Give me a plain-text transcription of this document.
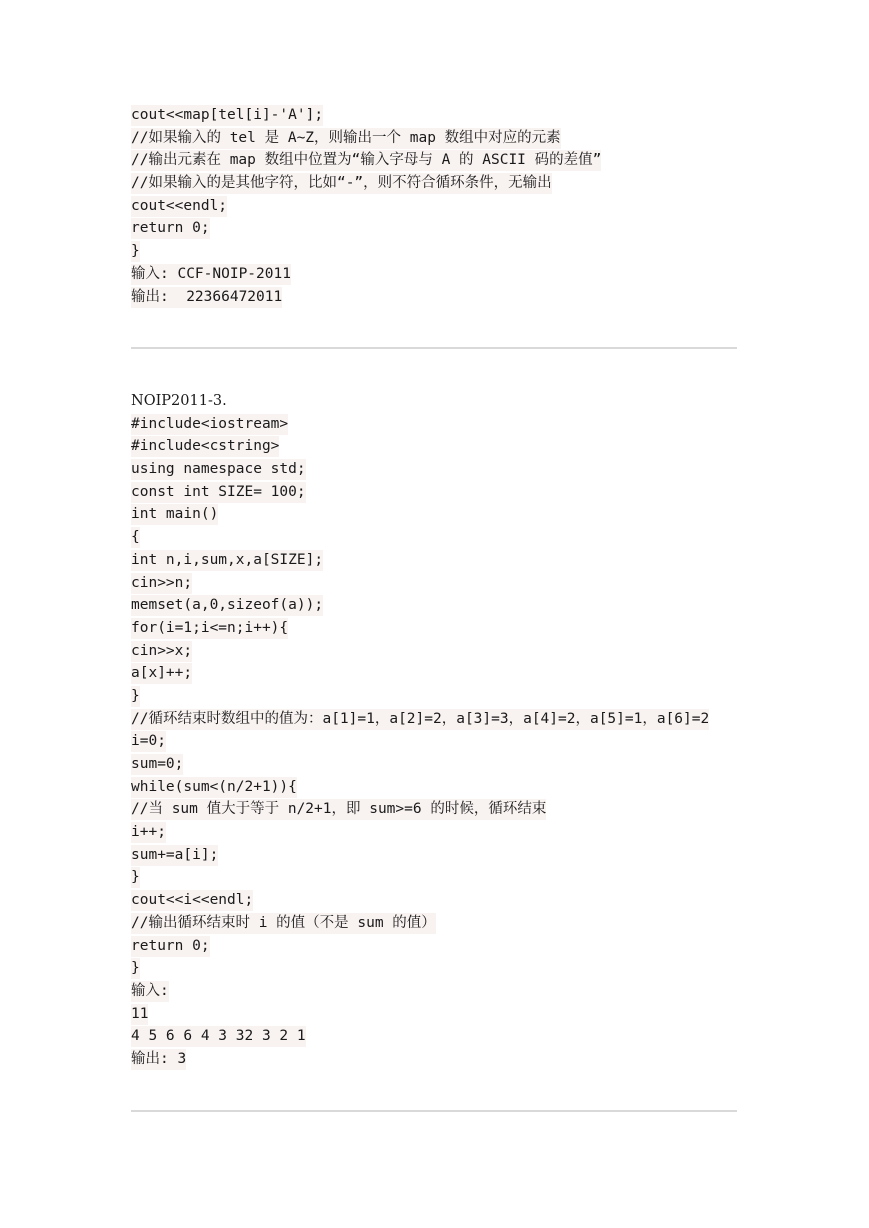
cout<<map[tel[i]-'A'];
//如果输入的 tel 是 A~Z，则输出一个 map 数组中对应的元素
//输出元素在 map 数组中位置为“输入字母与 A 的 ASCII 码的差值”
//如果输入的是其他字符，比如“-”，则不符合循环条件，无输出
cout<<endl;
return 0;
}
输入: CCF-NOIP-2011
输出:  22366472011
NOIP2011-3.
#include<iostream>
#include<cstring>
using namespace std;
const int SIZE= 100;
int main()
{
int n,i,sum,x,a[SIZE];
cin>>n;
memset(a,0,sizeof(a));
for(i=1;i<=n;i++){
cin>>x;
a[x]++;
}
//循环结束时数组中的值为：a[1]=1，a[2]=2，a[3]=3，a[4]=2，a[5]=1，a[6]=2
i=0;
sum=0;
while(sum<(n/2+1)){
//当 sum 值大于等于 n/2+1，即 sum>=6 的时候，循环结束
i++;
sum+=a[i];
}
cout<<i<<endl;
//输出循环结束时 i 的值（不是 sum 的值）
return 0;
}
输入:
11
4 5 6 6 4 3 32 3 2 1
输出: 3
